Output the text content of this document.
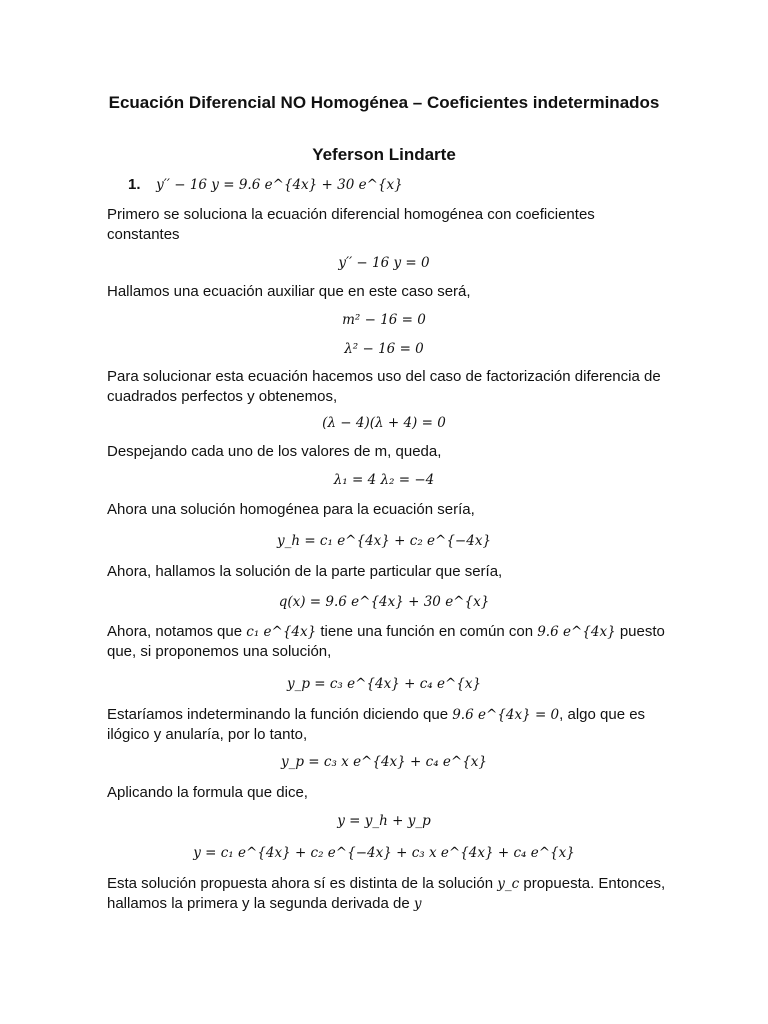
Ecuación Diferencial NO Homogénea – Coeficientes indeterminados
Yeferson Lindarte
1. y′′ − 16 y = 9.6 e^{4x} + 30 e^{x}
Primero se soluciona la ecuación diferencial homogénea con coeficientes constantes
y′′ − 16 y = 0
Hallamos una ecuación auxiliar que en este caso será,
m² − 16 = 0
λ² − 16 = 0
Para solucionar esta ecuación hacemos uso del caso de factorización diferencia de cuadrados perfectos y obtenemos,
(λ − 4)(λ + 4) = 0
Despejando cada uno de los valores de m, queda,
λ₁ = 4 λ₂ = −4
Ahora una solución homogénea para la ecuación sería,
y_h = c₁ e^{4x} + c₂ e^{−4x}
Ahora, hallamos la solución de la parte particular que sería,
q(x) = 9.6 e^{4x} + 30 e^{x}
Ahora, notamos que c₁ e^{4x} tiene una función en común con 9.6 e^{4x} puesto que, si proponemos una solución,
y_p = c₃ e^{4x} + c₄ e^{x}
Estaríamos indeterminando la función diciendo que 9.6 e^{4x} = 0, algo que es ilógico y anularía, por lo tanto,
y_p = c₃ x e^{4x} + c₄ e^{x}
Aplicando la formula que dice,
y = y_h + y_p
y = c₁ e^{4x} + c₂ e^{−4x} + c₃ x e^{4x} + c₄ e^{x}
Esta solución propuesta ahora sí es distinta de la solución y_c propuesta. Entonces, hallamos la primera y la segunda derivada de y
